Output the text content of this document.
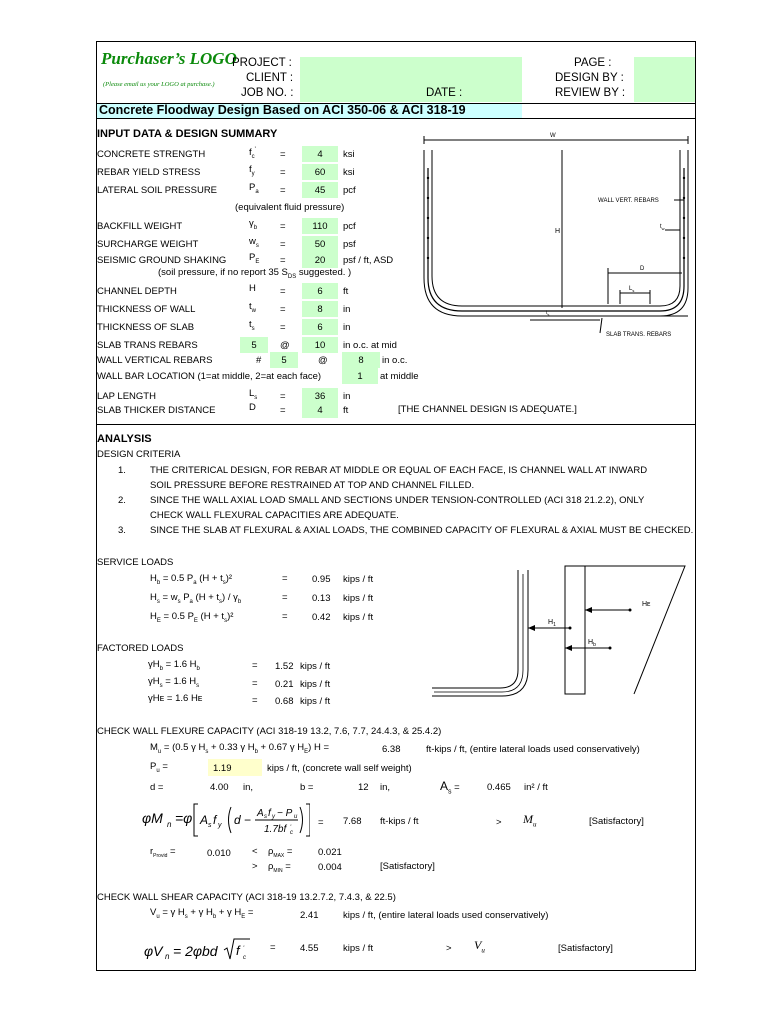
Purchaser’s LOGO
(Please email us your LOGO at purchase.)
PROJECT :
CLIENT :
JOB NO. :	DATE :
PAGE :
DESIGN BY :
REVIEW BY :
Concrete Floodway Design Based on ACI 350-06 & ACI 318-19
INPUT DATA & DESIGN SUMMARY
CONCRETE STRENGTH	$f_c'$	=	4	ksi
REBAR YIELD STRESS	$f_y$	=	60	ksi
LATERAL SOIL PRESSURE	$P_a$ =	45	pcf
BACKFILL WEIGHT	$\gamma_b$ =	110	pcf
SURCHARGE WEIGHT	$w_s$ =	50	psf
SEISMIC GROUND SHAKING $P_E$ =	20	psf / ft, ASD
CHANNEL DEPTH	H	=	6	ft
THICKNESS OF WALL	$t_w$	=	8	in
THICKNESS OF SLAB	$t_s$	=	6	in
LAP LENGTH	$L_s$ =	36	in
SLAB THICKER DISTANCE	D	=	4	ft
(equivalent fluid pressure)
(soil pressure, if no report 35 $S_{DS}$ suggested. )
SLAB TRANS REBARS	5	@	10	in o.c. at mid
WALL VERTICAL REBARS	#	5	@	8	in o.c.
WALL BAR LOCATION (1=at middle, 2=at each face)	1	at middle
[THE CHANNEL DESIGN IS ADEQUATE.]
W
H
WALL VERT. REBARS
$t_w$
D
$L_s$
$t_s$
SLAB TRANS. REBARS
ANALYSIS
DESIGN CRITERIA
1.	THE CRITERICAL DESIGN, FOR REBAR AT MIDDLE OR EQUAL OF EACH FACE, IS CHANNEL WALL AT INWARD
SOIL PRESSURE BEFORE RESTRAINED AT TOP AND CHANNEL FILLED.
2.	SINCE THE WALL AXIAL LOAD SMALL AND SECTIONS UNDER TENSION-CONTROLLED (ACI 318 21.2.2), ONLY
CHECK WALL FLEXURAL CAPACITIES ARE ADEQUATE.
3.	SINCE THE SLAB AT FLEXURAL & AXIAL LOADS, THE COMBINED CAPACITY OF FLEXURAL & AXIAL MUST BE CHECKED.
SERVICE LOADS
$H_b = 0.5$ $P_a$ $(H + t_s)^2$	=	0.95 kips / ft
$H_s = w_s$ $P_a$ $(H + t_s) / \gamma_b$	=	0.13 kips / ft
$H_E = 0.5$ $P_E$ $(H + t_s)^2$	=	0.42 kips / ft
FACTORED LOADS
$\gamma H_b = 1.6$ $H_b$	= 1.52 kips / ft
$\gamma H_s = 1.6$ $H_s$	= 0.21 kips / ft
γHᴇ = 1.6 Hᴇ	= 0.68 kips / ft
$H_1$
Hᴇ
$H_b$
CHECK WALL FLEXURE CAPACITY (ACI 318-19 13.2, 7.6, 7.7, 24.4.3, & 25.4.2)
$M_u = (0.5$ γ $H_s + 0.33$ γ $H_b + 0.67$ γ $H_E$) H =	6.38	ft-kips / ft, (entire lateral loads used conservatively)
$P_u$ =	1.19	kips / ft, (concrete wall self weight)
d =	4.00 in,	b =	12 in,	$A_s$ =	0.465 in² / ft
φM n =φ A s f y d − A s f y − P u
1.7bf '
c
= 7.68 ft-kips / ft	> $M_u$	[Satisfactory]
$r_{Provid}$ =	$0.010 < \rho_{MAX}$ =	0.021
> $\rho_{MIN}$ =	0.004	[Satisfactory]
CHECK WALL SHEAR CAPACITY (ACI 318-19 13.2.7.2, 7.4.3, & 22.5)
$V_u = \gamma$ $H_s + \gamma$ $H_b + \gamma$ $H_E$ =	2.41	kips / ft, (entire lateral loads used conservatively)
φV n = 2φbd f '
c
=	4.55	kips / ft	> $V_u$	[Satisfactory]
